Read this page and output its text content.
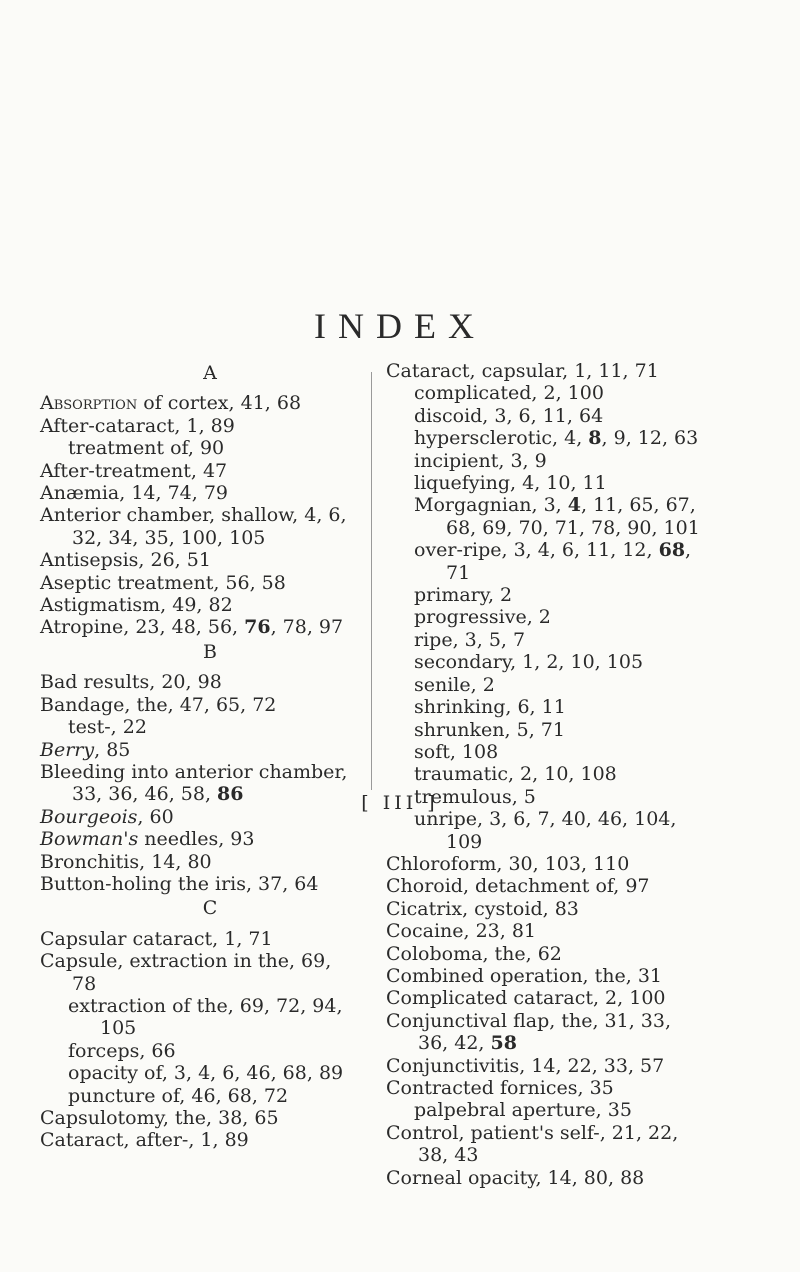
INDEX
A
Absorption of cortex, 41, 68
After-cataract, 1, 89
treatment of, 90
After-treatment, 47
Anæmia, 14, 74, 79
Anterior chamber, shallow, 4, 6,
32, 34, 35, 100, 105
Antisepsis, 26, 51
Aseptic treatment, 56, 58
Astigmatism, 49, 82
Atropine, 23, 48, 56, 76, 78, 97
B
Bad results, 20, 98
Bandage, the, 47, 65, 72
test-, 22
Berry, 85
Bleeding into anterior chamber,
33, 36, 46, 58, 86
Bourgeois, 60
Bowman's needles, 93
Bronchitis, 14, 80
Button-holing the iris, 37, 64
C
Capsular cataract, 1, 71
Capsule, extraction in the, 69,
78
extraction of the, 69, 72, 94,
105
forceps, 66
opacity of, 3, 4, 6, 46, 68, 89
puncture of, 46, 68, 72
Capsulotomy, the, 38, 65
Cataract, after-, 1, 89
Cataract, capsular, 1, 11, 71
complicated, 2, 100
discoid, 3, 6, 11, 64
hypersclerotic, 4, 8, 9, 12, 63
incipient, 3, 9
liquefying, 4, 10, 11
Morgagnian, 3, 4, 11, 65, 67,
68, 69, 70, 71, 78, 90, 101
over-ripe, 3, 4, 6, 11, 12, 68,
71
primary, 2
progressive, 2
ripe, 3, 5, 7
secondary, 1, 2, 10, 105
senile, 2
shrinking, 6, 11
shrunken, 5, 71
soft, 108
traumatic, 2, 10, 108
tremulous, 5
unripe, 3, 6, 7, 40, 46, 104,
109
Chloroform, 30, 103, 110
Choroid, detachment of, 97
Cicatrix, cystoid, 83
Cocaine, 23, 81
Coloboma, the, 62
Combined operation, the, 31
Complicated cataract, 2, 100
Conjunctival flap, the, 31, 33,
36, 42, 58
Conjunctivitis, 14, 22, 33, 57
Contracted fornices, 35
palpebral aperture, 35
Control, patient's self-, 21, 22,
38, 43
Corneal opacity, 14, 80, 88
[ III ]
